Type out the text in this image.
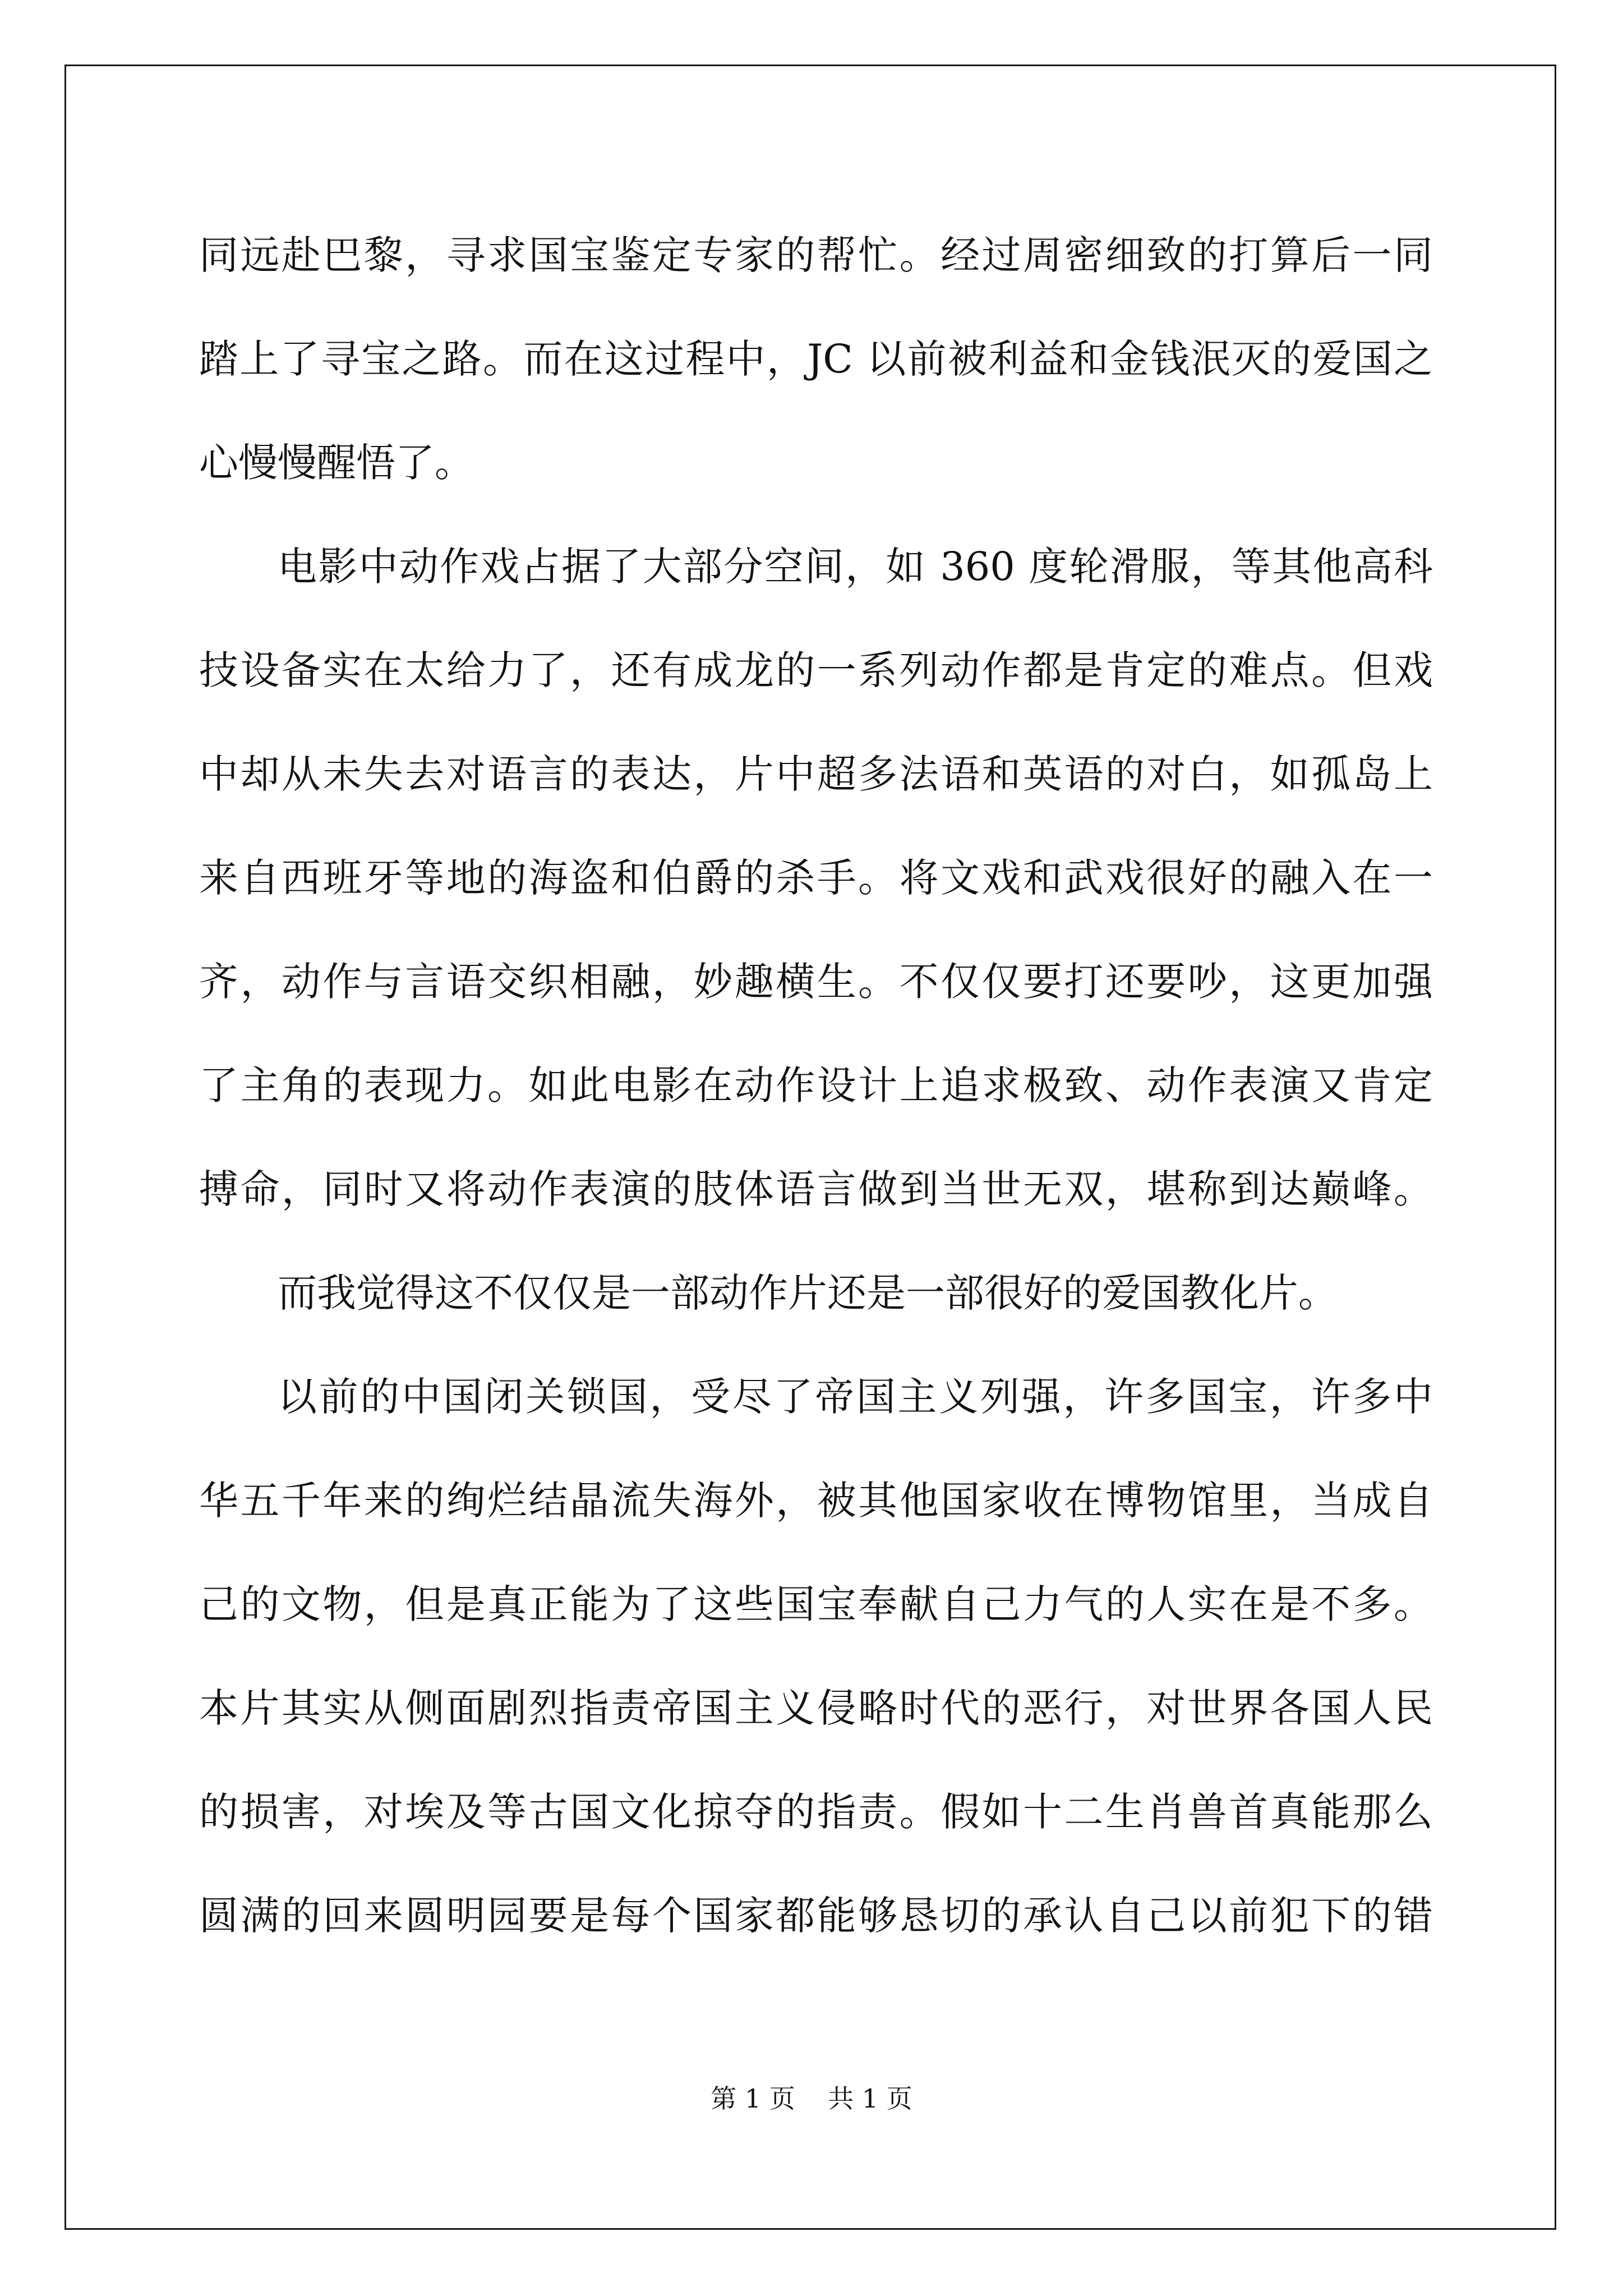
同远赴巴黎，寻求国宝鉴定专家的帮忙。经过周密细致的打算后一同
踏上了寻宝之路。而在这过程中，JC 以前被利益和金钱泯灭的爱国之
心慢慢醒悟了。
电影中动作戏占据了大部分空间，如 360 度轮滑服，等其他高科
技设备实在太给力了，还有成龙的一系列动作都是肯定的难点。但戏
中却从未失去对语言的表达，片中超多法语和英语的对白，如孤岛上
来自西班牙等地的海盗和伯爵的杀手。将文戏和武戏很好的融入在一
齐，动作与言语交织相融，妙趣横生。不仅仅要打还要吵，这更加强
了主角的表现力。如此电影在动作设计上追求极致、动作表演又肯定
搏命，同时又将动作表演的肢体语言做到当世无双，堪称到达巅峰。
而我觉得这不仅仅是一部动作片还是一部很好的爱国教化片。
以前的中国闭关锁国，受尽了帝国主义列强，许多国宝，许多中
华五千年来的绚烂结晶流失海外，被其他国家收在博物馆里，当成自
己的文物，但是真正能为了这些国宝奉献自己力气的人实在是不多。
本片其实从侧面剧烈指责帝国主义侵略时代的恶行，对世界各国人民
的损害，对埃及等古国文化掠夺的指责。假如十二生肖兽首真能那么
圆满的回来圆明园要是每个国家都能够恳切的承认自己以前犯下的错
第 1 页    共 1 页
